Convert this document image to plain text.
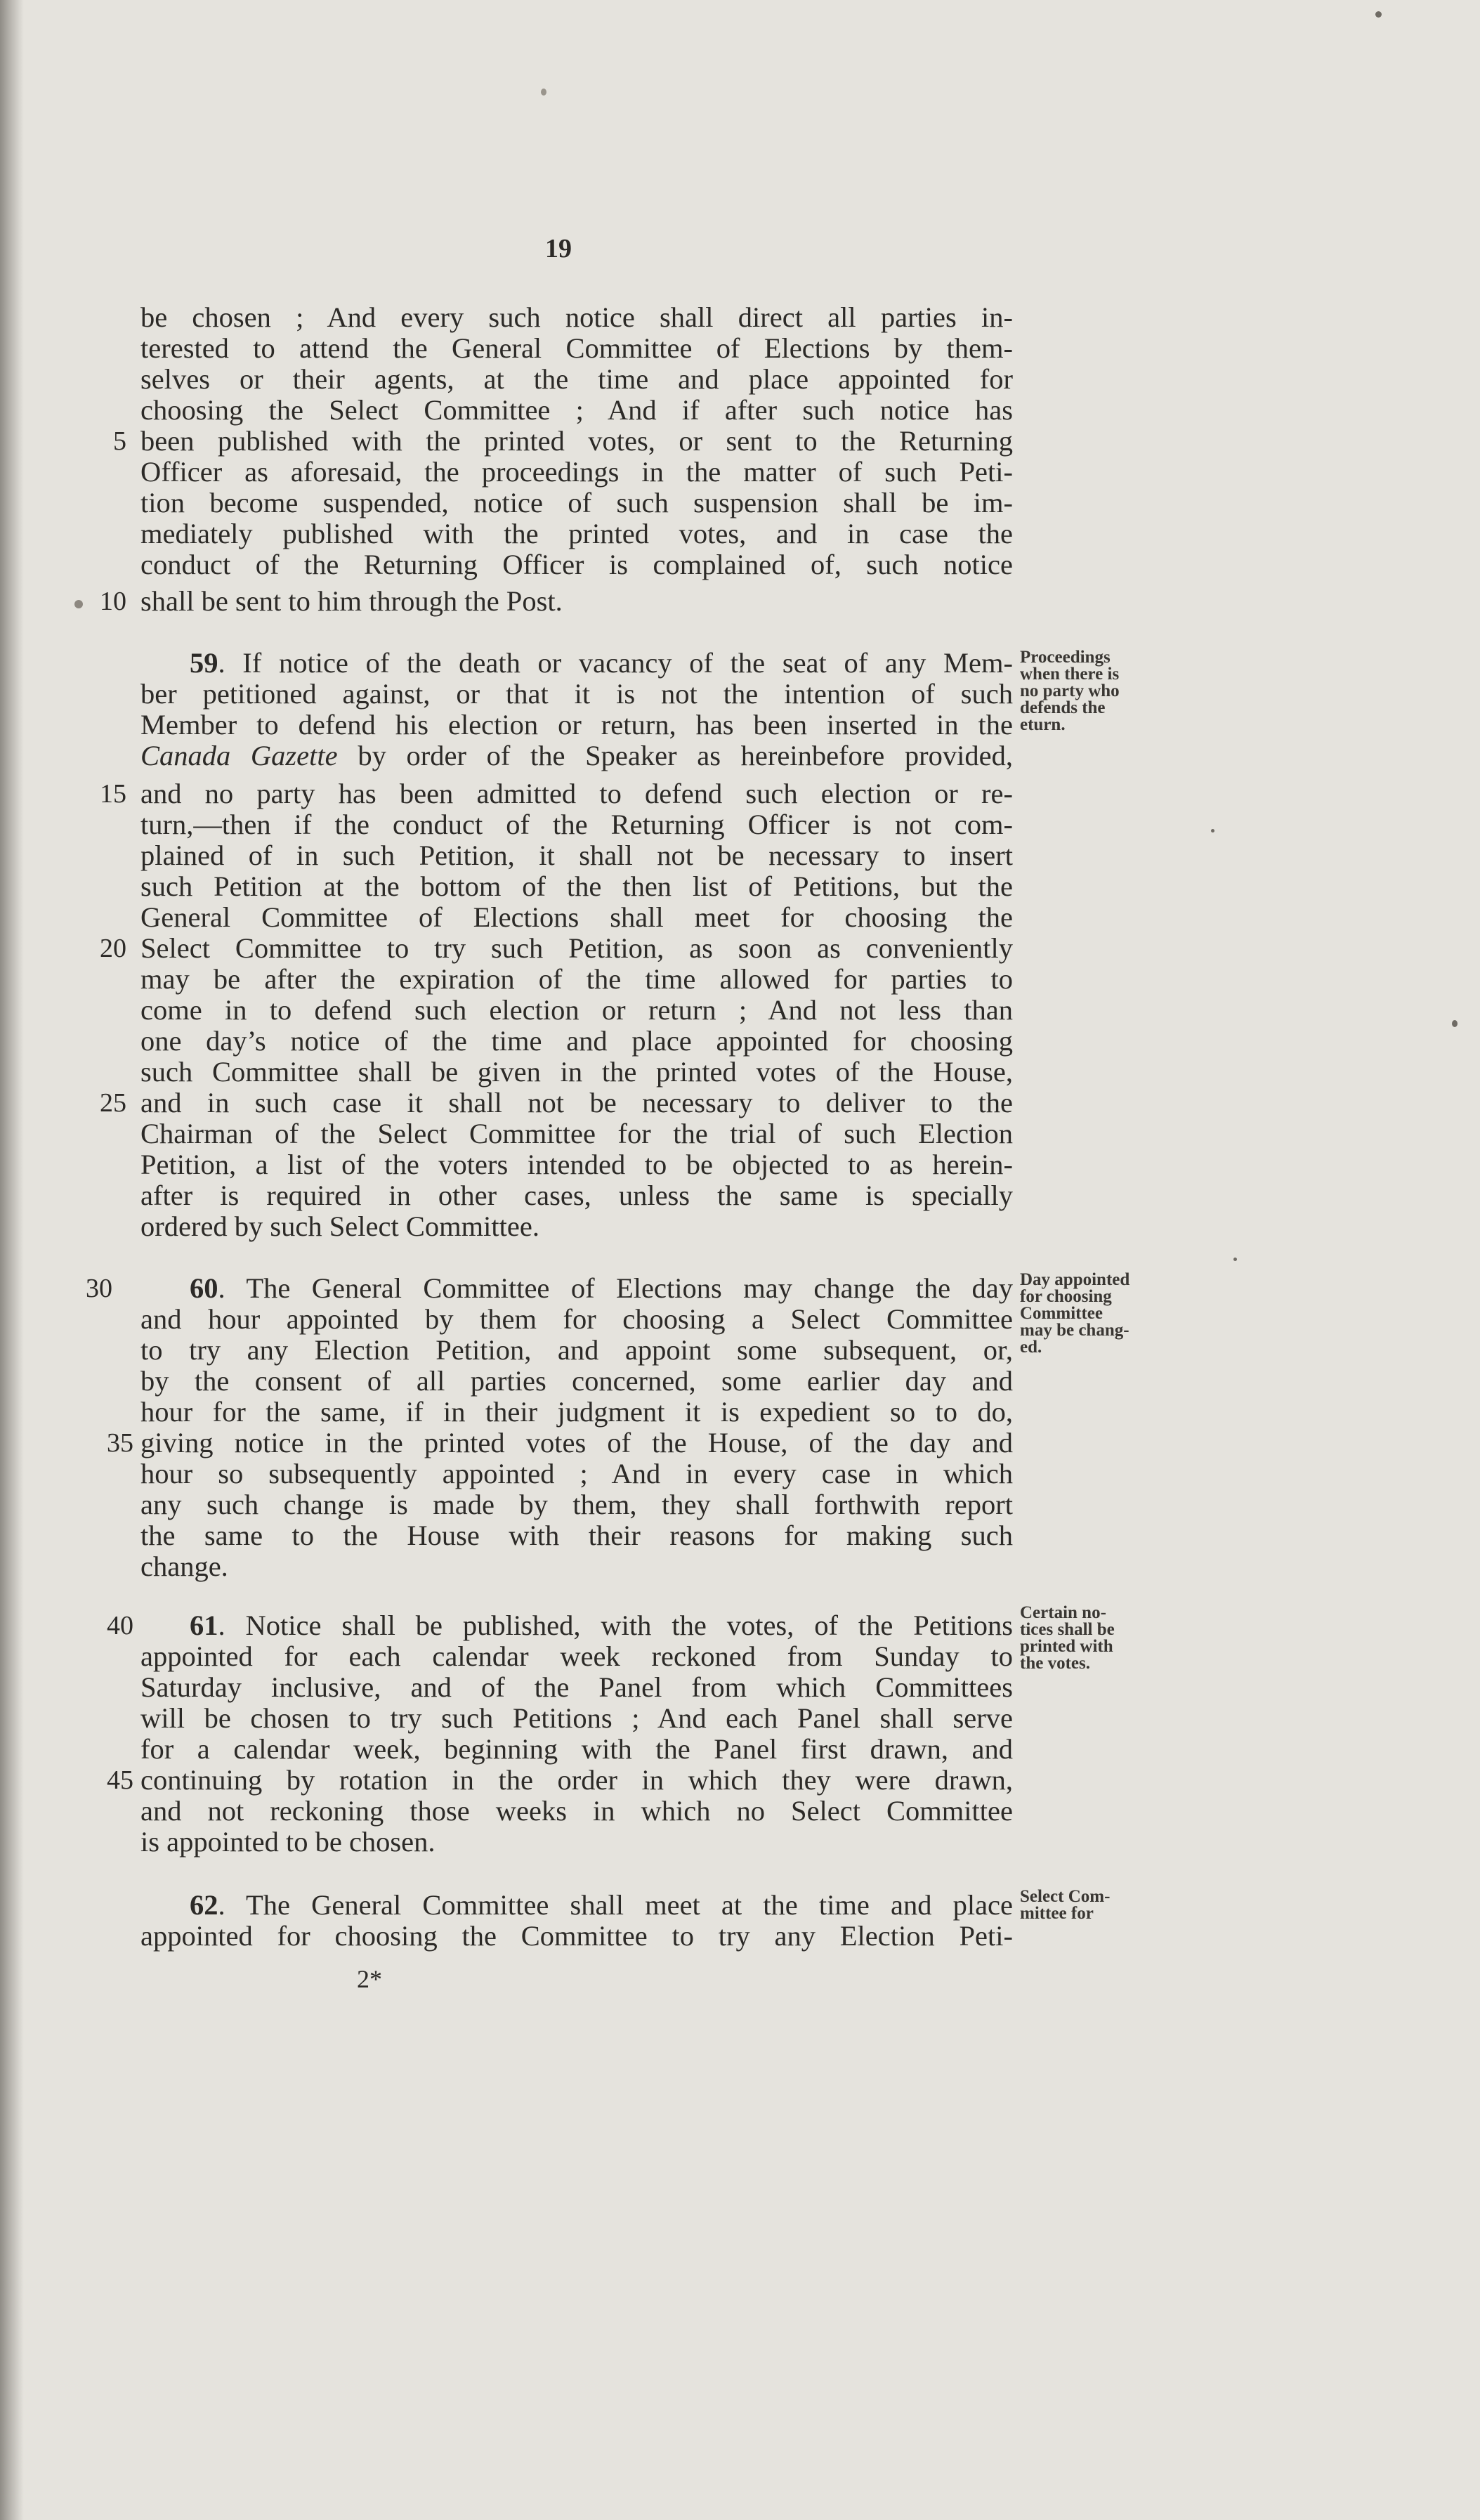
19
be chosen ; And every such notice shall direct all parties in-
terested to attend the General Committee of Elections by them-
selves or their agents, at the time and place appointed for
choosing the Select Committee ; And if after such notice has
5 been published with the printed votes, or sent to the Returning
Officer as aforesaid, the proceedings in the matter of such Peti-
tion become suspended, notice of such suspension shall be im-
mediately published with the printed votes, and in case the
conduct of the Returning Officer is complained of, such notice
10 shall be sent to him through the Post.
59. If notice of the death or vacancy of the seat of any Mem-
ber petitioned against, or that it is not the intention of such
Member to defend his election or return, has been inserted in the
Canada Gazette by order of the Speaker as hereinbefore provided,
15 and no party has been admitted to defend such election or re-
turn,—then if the conduct of the Returning Officer is not com-
plained of in such Petition, it shall not be necessary to insert
such Petition at the bottom of the then list of Petitions, but the
General Committee of Elections shall meet for choosing the
20 Select Committee to try such Petition, as soon as conveniently
may be after the expiration of the time allowed for parties to
come in to defend such election or return ; And not less than
one day’s notice of the time and place appointed for choosing
such Committee shall be given in the printed votes of the House,
25 and in such case it shall not be necessary to deliver to the
Chairman of the Select Committee for the trial of such Election
Petition, a list of the voters intended to be objected to as herein-
after is required in other cases, unless the same is specially
ordered by such Select Committee.
Proceedings
when there is
no party who
defends the
eturn.
30	60. The General Committee of Elections may change the day
and hour appointed by them for choosing a Select Committee
to try any Election Petition, and appoint some subsequent, or,
by the consent of all parties concerned, some earlier day and
hour for the same, if in their judgment it is expedient so to do,
35 giving notice in the printed votes of the House, of the day and
hour so subsequently appointed ; And in every case in which
any such change is made by them, they shall forthwith report
the same to the House with their reasons for making such
change.
Day appointed
for choosing
Committee
may be chang-
ed.
40 61. Notice shall be published, with the votes, of the Petitions
appointed for each calendar week reckoned from Sunday to
Saturday inclusive, and of the Panel from which Committees
will be chosen to try such Petitions ; And each Panel shall serve
for a calendar week, beginning with the Panel first drawn, and
45 continuing by rotation in the order in which they were drawn,
and not reckoning those weeks in which no Select Committee
is appointed to be chosen.
Certain no-
tices shall be
printed with
the votes.
62. The General Committee shall meet at the time and place
appointed for choosing the Committee to try any Election Peti-
Select Com-
mittee for
2*
